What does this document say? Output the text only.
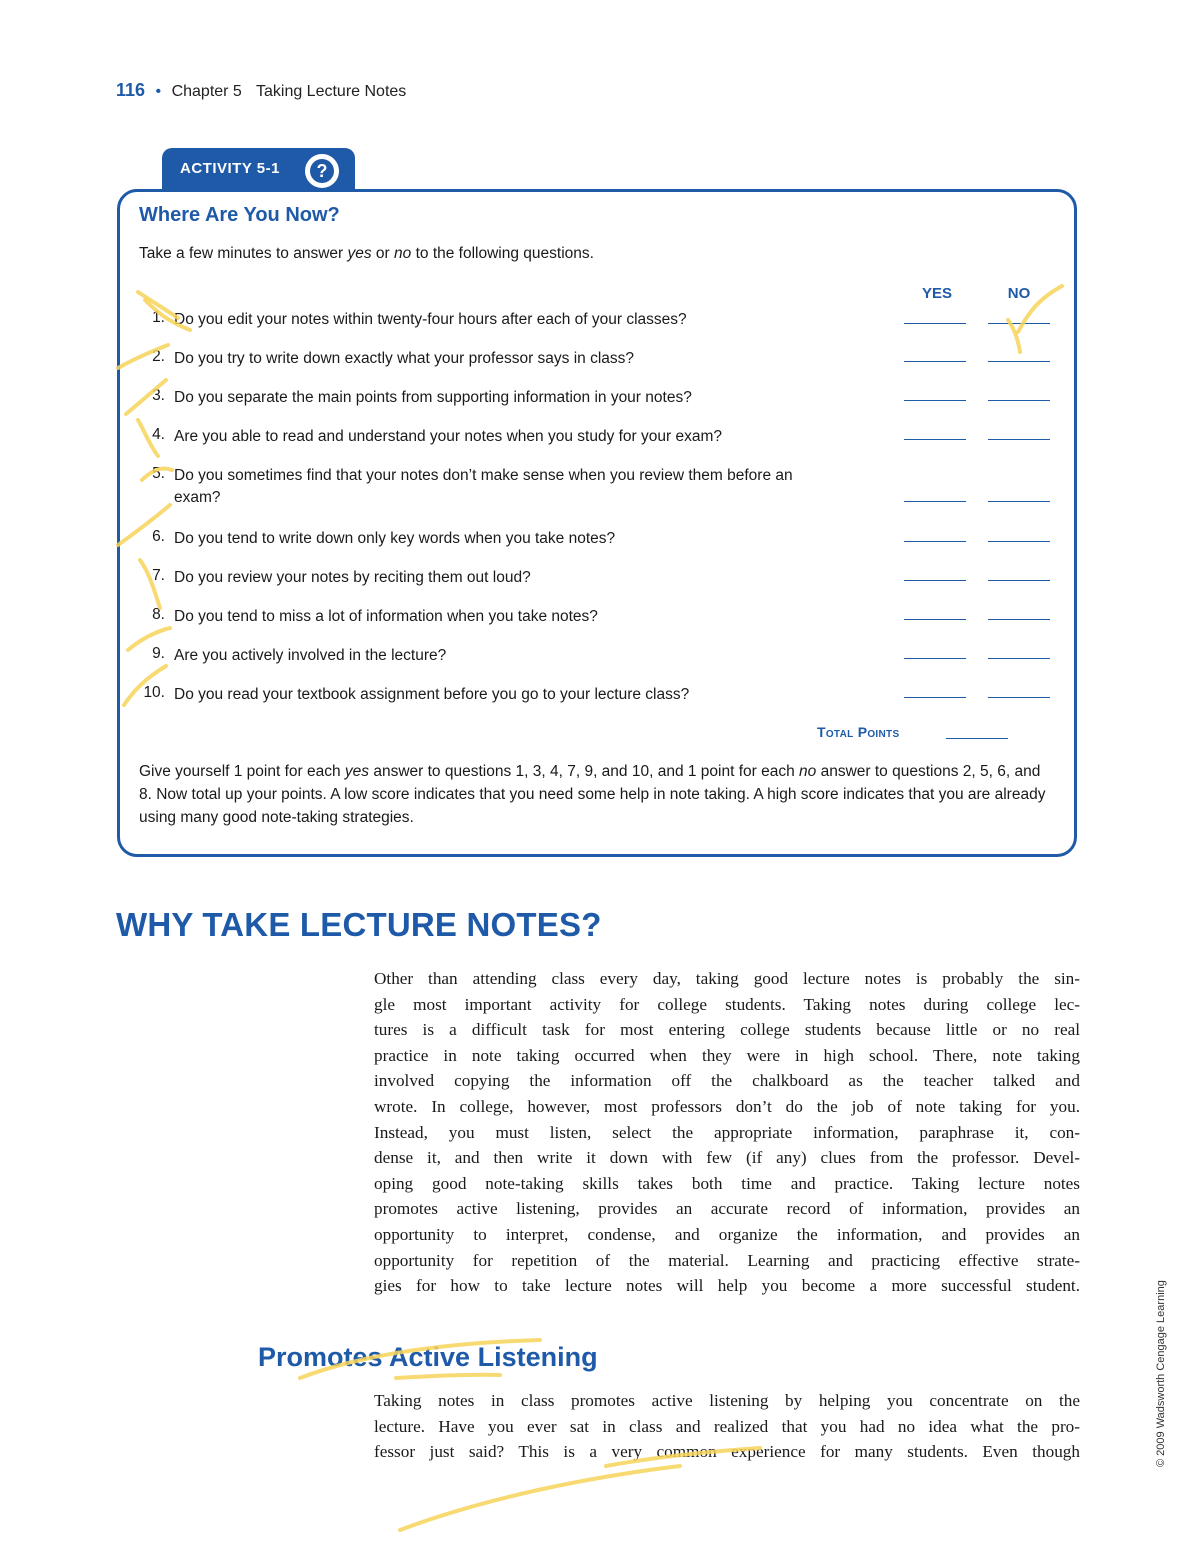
116 • Chapter 5 Taking Lecture Notes
ACTIVITY 5-1	?
Where Are You Now?
Take a few minutes to answer yes or no to the following questions.
YES	NO
1. Do you edit your notes within twenty-four hours after each of your classes?
2. Do you try to write down exactly what your professor says in class?
3. Do you separate the main points from supporting information in your notes?
4. Are you able to read and understand your notes when you study for your exam?
5. Do you sometimes find that your notes don’t make sense when you review them before an exam?
6. Do you tend to write down only key words when you take notes?
7. Do you review your notes by reciting them out loud?
8. Do you tend to miss a lot of information when you take notes?
9. Are you actively involved in the lecture?
10. Do you read your textbook assignment before you go to your lecture class?
Total Points
Give yourself 1 point for each yes answer to questions 1, 3, 4, 7, 9, and 10, and 1 point for each no answer to questions 2, 5, 6, and 8. Now total up your points. A low score indicates that you need some help in note taking. A high score indicates that you are already using many good note-taking strategies.
WHY TAKE LECTURE NOTES?
Other than attending class every day, taking good lecture notes is probably the sin-
gle most important activity for college students. Taking notes during college lec-
tures is a difficult task for most entering college students because little or no real
practice in note taking occurred when they were in high school. There, note taking
involved copying the information off the chalkboard as the teacher talked and
wrote. In college, however, most professors don’t do the job of note taking for you.
Instead, you must listen, select the appropriate information, paraphrase it, con-
dense it, and then write it down with few (if any) clues from the professor. Devel-
oping good note-taking skills takes both time and practice. Taking lecture notes
promotes active listening, provides an accurate record of information, provides an
opportunity to interpret, condense, and organize the information, and provides an
opportunity for repetition of the material. Learning and practicing effective strate-
gies for how to take lecture notes will help you become a more successful student.
Promotes Active Listening
Taking notes in class promotes active listening by helping you concentrate on the
lecture. Have you ever sat in class and realized that you had no idea what the pro-
fessor just said? This is a very common experience for many students. Even though	© 2009 Wadsworth Cengage Learning
